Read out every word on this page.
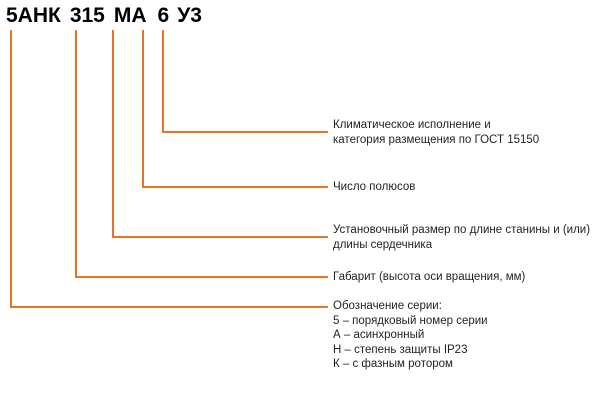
5АНК 315 МА 6 У3
Климатическое исполнение и
категория размещения по ГОСТ 15150
Число полюсов
Установочный размер по длине станины и (или)
длины сердечника
Габарит (высота оси вращения, мм)
Обозначение серии:
5 – порядковый номер серии
А – асинхронный
Н – степень защиты IP23
К – с фазным ротором
